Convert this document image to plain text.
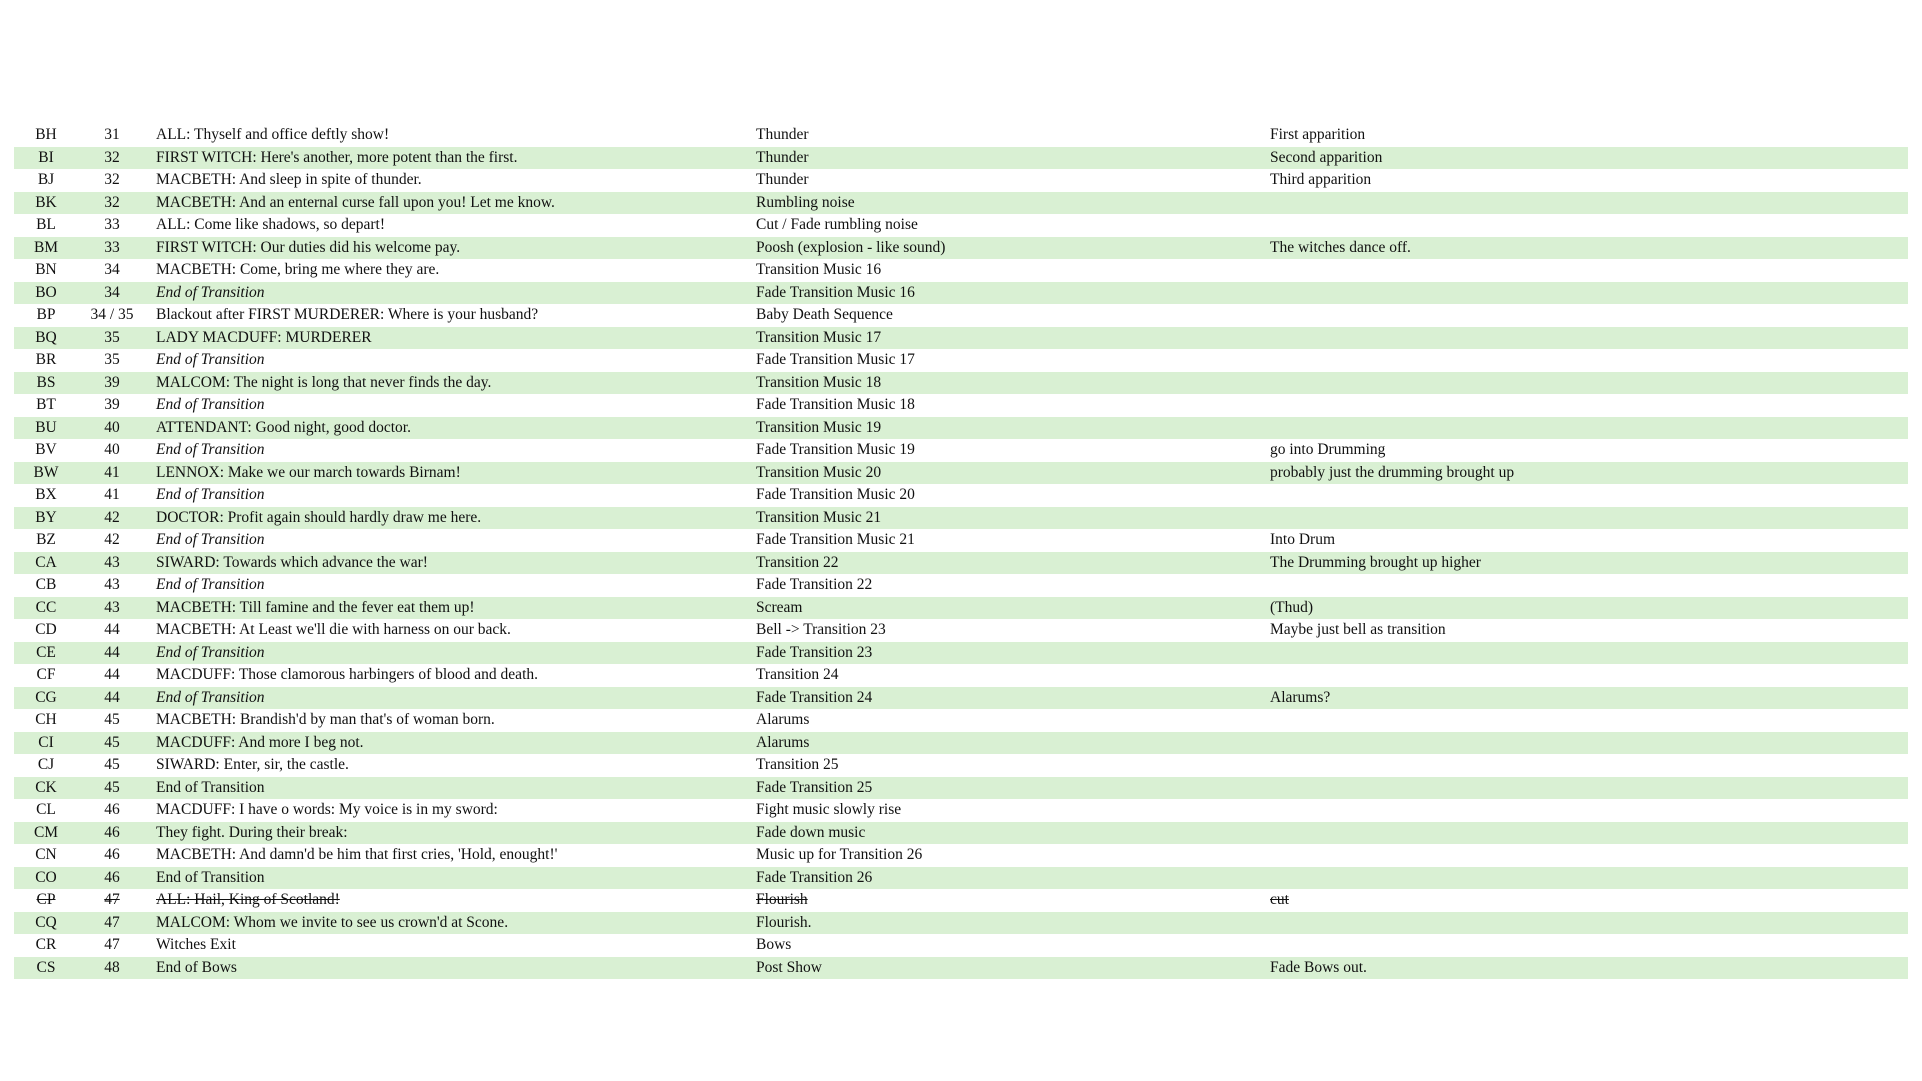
BH	31	ALL: Thyself and office deftly show!	Thunder	First apparition
BI	32	FIRST WITCH: Here's another, more potent than the first.	Thunder	Second apparition
BJ	32	MACBETH: And sleep in spite of thunder.	Thunder	Third apparition
BK	32	MACBETH: And an enternal curse fall upon you! Let me know.	Rumbling noise
BL	33	ALL: Come like shadows, so depart!	Cut / Fade rumbling noise
BM	33	FIRST WITCH: Our duties did his welcome pay.	Poosh (explosion - like sound)	The witches dance off.
BN	34	MACBETH: Come, bring me where they are.	Transition Music 16
BO	34	End of Transition	Fade Transition Music 16
BP	34 / 35	Blackout after FIRST MURDERER: Where is your husband?	Baby Death Sequence
BQ	35	LADY MACDUFF: MURDERER	Transition Music 17
BR	35	End of Transition	Fade Transition Music 17
BS	39	MALCOM: The night is long that never finds the day.	Transition Music 18
BT	39	End of Transition	Fade Transition Music 18
BU	40	ATTENDANT: Good night, good doctor.	Transition Music 19
BV	40	End of Transition	Fade Transition Music 19	go into Drumming
BW	41	LENNOX: Make we our march towards Birnam!	Transition Music 20	probably just the drumming brought up
BX	41	End of Transition	Fade Transition Music 20
BY	42	DOCTOR: Profit again should hardly draw me here.	Transition Music 21
BZ	42	End of Transition	Fade Transition Music 21	Into Drum
CA	43	SIWARD: Towards which advance the war!	Transition 22	The Drumming brought up higher
CB	43	End of Transition	Fade Transition 22
CC	43	MACBETH: Till famine and the fever eat them up!	Scream	(Thud)
CD	44	MACBETH: At Least we'll die with harness on our back.	Bell -> Transition 23	Maybe just bell as transition
CE	44	End of Transition	Fade Transition 23
CF	44	MACDUFF: Those clamorous harbingers of blood and death.	Transition 24
CG	44	End of Transition	Fade Transition 24	Alarums?
CH	45	MACBETH: Brandish'd by man that's of woman born.	Alarums
CI	45	MACDUFF: And more I beg not.	Alarums
CJ	45	SIWARD: Enter, sir, the castle.	Transition 25
CK	45	End of Transition	Fade Transition 25
CL	46	MACDUFF: I have o words: My voice is in my sword:	Fight music slowly rise
CM	46	They fight. During their break:	Fade down music
CN	46	MACBETH: And damn'd be him that first cries, 'Hold, enought!'	Music up for Transition 26
CO	46	End of Transition	Fade Transition 26
CP	47	ALL: Hail, King of Scotland!	Flourish	cut
CQ	47	MALCOM: Whom we invite to see us crown'd at Scone.	Flourish.
CR	47	Witches Exit	Bows
CS	48	End of Bows	Post Show	Fade Bows out.
